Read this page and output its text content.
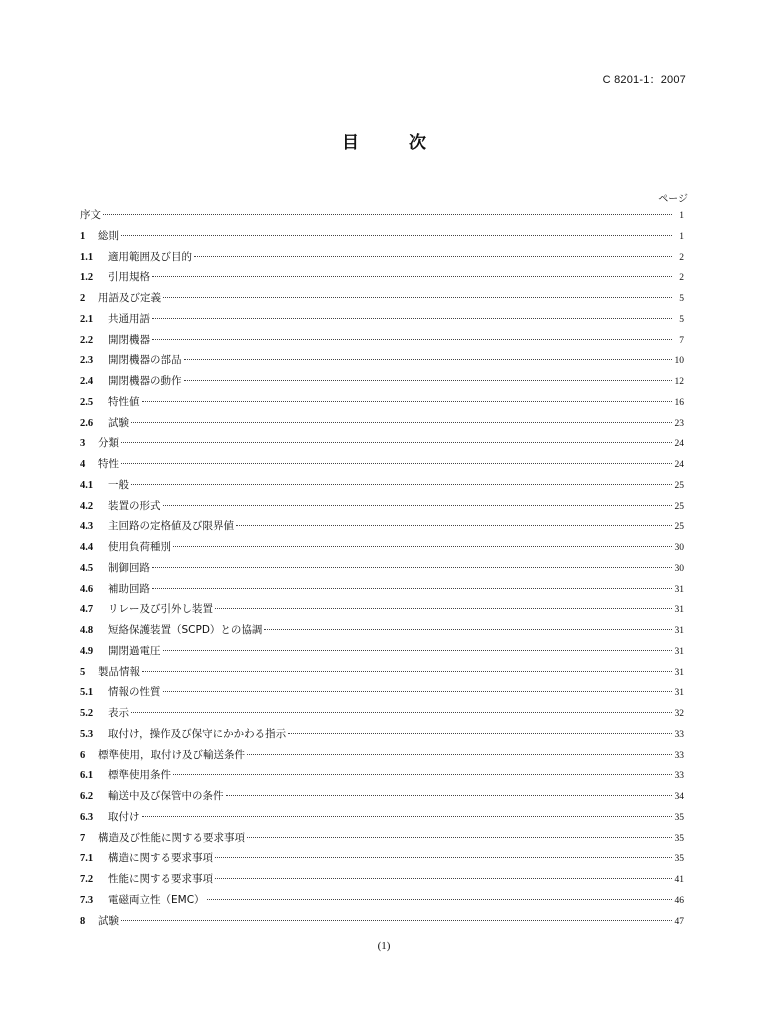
C 8201-1：2007
目 次
ページ
序文	1
1	総則	1
1.1	適用範囲及び目的	2
1.2	引用規格	2
2	用語及び定義	5
2.1	共通用語	5
2.2	開閉機器	7
2.3	開閉機器の部品	10
2.4	開閉機器の動作	12
2.5	特性値	16
2.6	試験	23
3	分類	24
4	特性	24
4.1	一般	25
4.2	装置の形式	25
4.3	主回路の定格値及び限界値	25
4.4	使用負荷種別	30
4.5	制御回路	30
4.6	補助回路	31
4.7	リレー及び引外し装置	31
4.8	短絡保護装置（SCPD）との協調	31
4.9	開閉過電圧	31
5	製品情報	31
5.1	情報の性質	31
5.2	表示	32
5.3	取付け，操作及び保守にかかわる指示	33
6	標準使用，取付け及び輸送条件	33
6.1	標準使用条件	33
6.2	輸送中及び保管中の条件	34
6.3	取付け	35
7	構造及び性能に関する要求事項	35
7.1	構造に関する要求事項	35
7.2	性能に関する要求事項	41
7.3	電磁両立性（EMC）	46
8	試験	47
(1)
